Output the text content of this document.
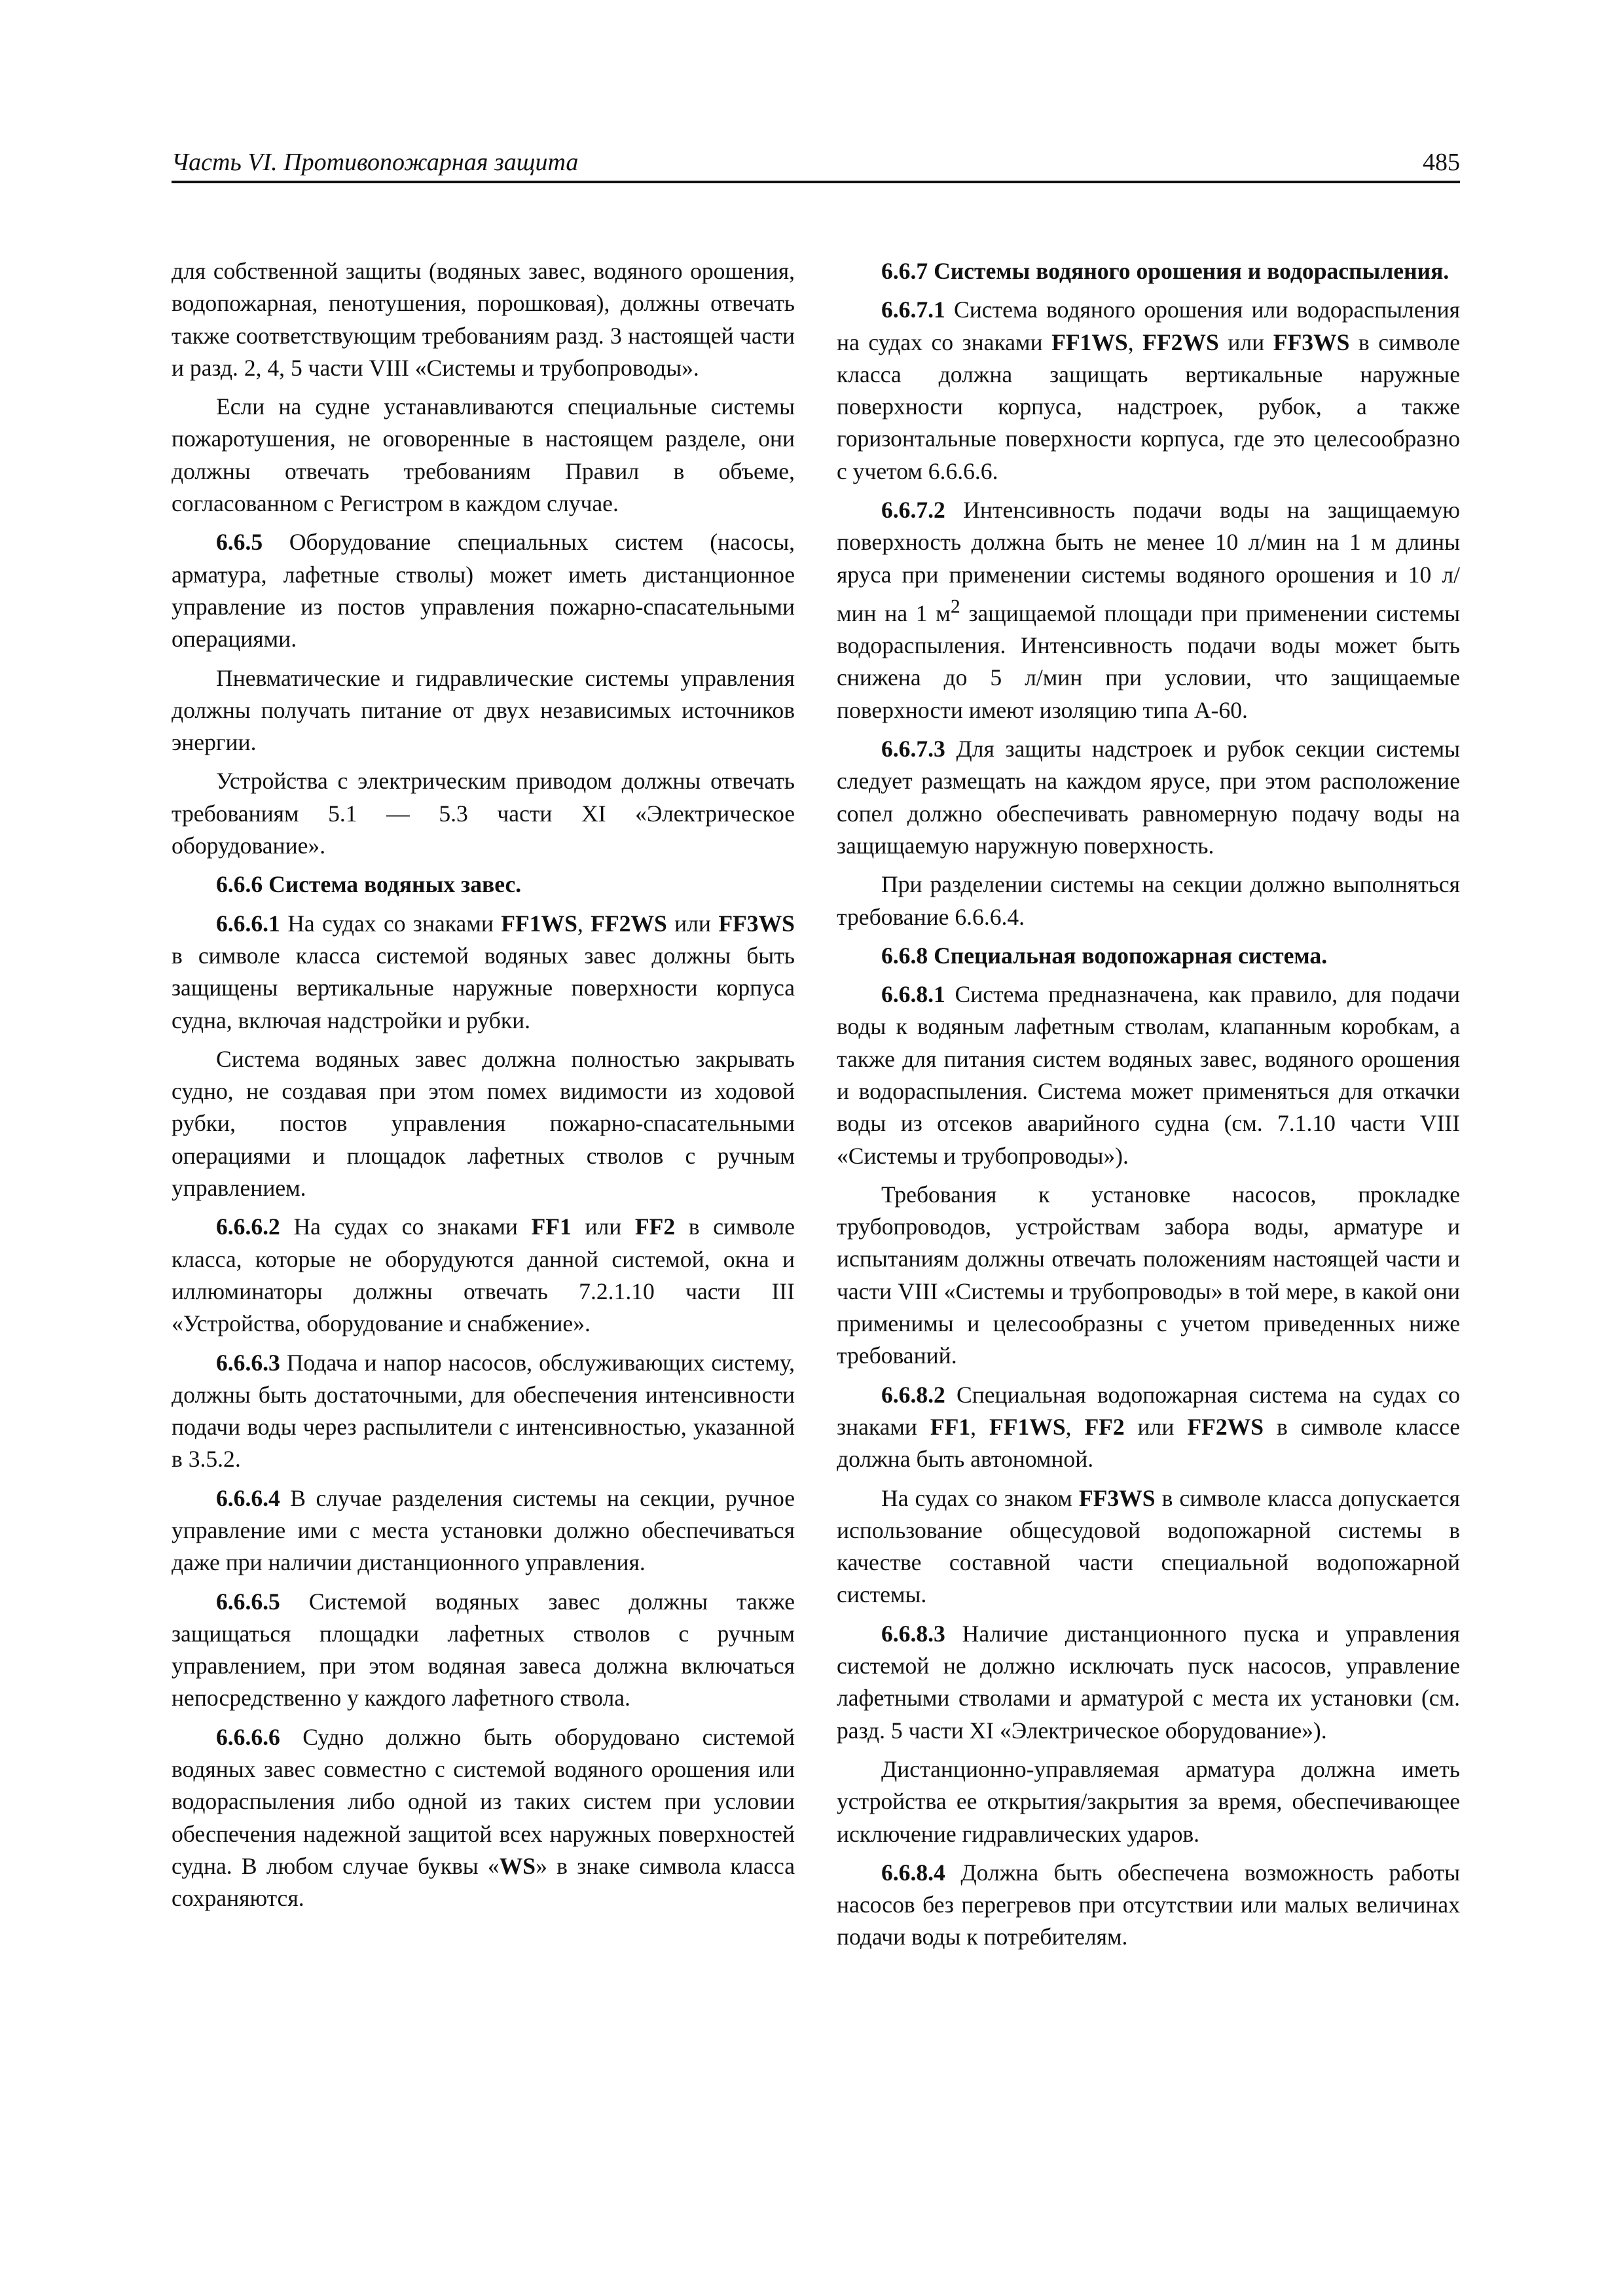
Часть VI. Противопожарная защита	485

для собственной защиты (водяных завес, водяного орошения, водопожарная, пенотушения, порошковая), должны отвечать также соответствующим требованиям разд. 3 настоящей части и разд. 2, 4, 5 части VIII «Системы и трубопроводы».

Если на судне устанавливаются специальные системы пожаротушения, не оговоренные в настоящем разделе, они должны отвечать требованиям Правил в объеме, согласованном с Регистром в каждом случае.

6.6.5 Оборудование специальных систем (насосы, арматура, лафетные стволы) может иметь дистанционное управление из постов управления пожарно-спасательными операциями.

Пневматические и гидравлические системы управления должны получать питание от двух независимых источников энергии.

Устройства с электрическим приводом должны отвечать требованиям 5.1 — 5.3 части XI «Электрическое оборудование».

6.6.6 Система водяных завес.

6.6.6.1 На судах со знаками FF1WS, FF2WS или FF3WS в символе класса системой водяных завес должны быть защищены вертикальные наружные поверхности корпуса судна, включая надстройки и рубки.

Система водяных завес должна полностью закрывать судно, не создавая при этом помех видимости из ходовой рубки, постов управления пожарно-спасательными операциями и площадок лафетных стволов с ручным управлением.

6.6.6.2 На судах со знаками FF1 или FF2 в символе класса, которые не оборудуются данной системой, окна и иллюминаторы должны отвечать 7.2.1.10 части III «Устройства, оборудование и снабжение».

6.6.6.3 Подача и напор насосов, обслуживающих систему, должны быть достаточными, для обеспечения интенсивности подачи воды через распылители с интенсивностью, указанной в 3.5.2.

6.6.6.4 В случае разделения системы на секции, ручное управление ими с места установки должно обеспечиваться даже при наличии дистанционного управления.

6.6.6.5 Системой водяных завес должны также защищаться площадки лафетных стволов с ручным управлением, при этом водяная завеса должна включаться непосредственно у каждого лафетного ствола.

6.6.6.6 Судно должно быть оборудовано системой водяных завес совместно с системой водяного орошения или водораспыления либо одной из таких систем при условии обеспечения надежной защитой всех наружных поверхностей судна. В любом случае буквы «WS» в знаке символа класса сохраняются.

6.6.7 Системы водяного орошения и водораспыления.

6.6.7.1 Система водяного орошения или водораспыления на судах со знаками FF1WS, FF2WS или FF3WS в символе класса должна защищать вертикальные наружные поверхности корпуса, надстроек, рубок, а также горизонтальные поверхности корпуса, где это целесообразно с учетом 6.6.6.6.

6.6.7.2 Интенсивность подачи воды на защищаемую поверхность должна быть не менее 10 л/мин на 1 м длины яруса при применении системы водяного орошения и 10 л/мин на 1 $м^2$ защищаемой площади при применении системы водораспыления. Интенсивность подачи воды может быть снижена до 5 л/мин при условии, что защищаемые поверхности имеют изоляцию типа А-60.

6.6.7.3 Для защиты надстроек и рубок секции системы следует размещать на каждом ярусе, при этом расположение сопел должно обеспечивать равномерную подачу воды на защищаемую наружную поверхность.

При разделении системы на секции должно выполняться требование 6.6.6.4.

6.6.8 Специальная водопожарная система.

6.6.8.1 Система предназначена, как правило, для подачи воды к водяным лафетным стволам, клапанным коробкам, а также для питания систем водяных завес, водяного орошения и водораспыления. Система может применяться для откачки воды из отсеков аварийного судна (см. 7.1.10 части VIII «Системы и трубопроводы»).

Требования к установке насосов, прокладке трубопроводов, устройствам забора воды, арматуре и испытаниям должны отвечать положениям настоящей части и части VIII «Системы и трубопроводы» в той мере, в какой они применимы и целесообразны с учетом приведенных ниже требований.

6.6.8.2 Специальная водопожарная система на судах со знаками FF1, FF1WS, FF2 или FF2WS в символе классе должна быть автономной.

На судах со знаком FF3WS в символе класса допускается использование общесудовой водопожарной системы в качестве составной части специальной водопожарной системы.

6.6.8.3 Наличие дистанционного пуска и управления системой не должно исключать пуск насосов, управление лафетными стволами и арматурой с места их установки (см. разд. 5 части XI «Электрическое оборудование»).

Дистанционно-управляемая арматура должна иметь устройства ее открытия/закрытия за время, обеспечивающее исключение гидравлических ударов.

6.6.8.4 Должна быть обеспечена возможность работы насосов без перегревов при отсутствии или малых величинах подачи воды к потребителям.
